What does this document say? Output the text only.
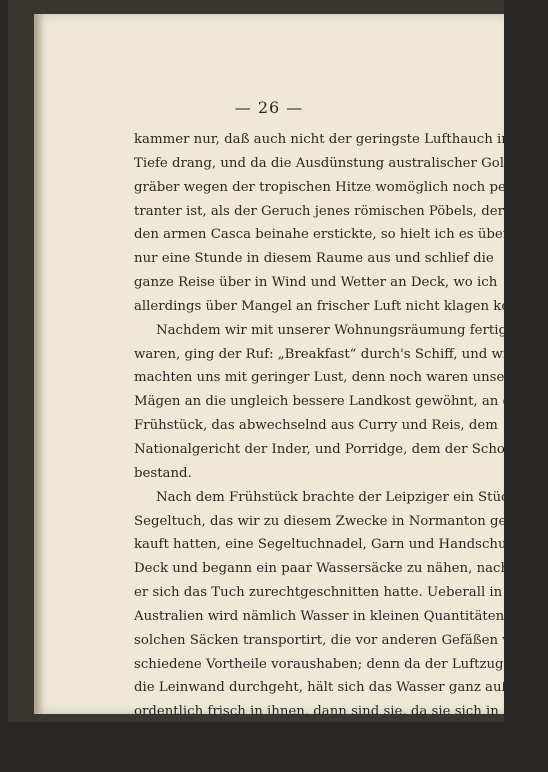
— 26 —
kammer nur, daß auch nicht der geringste Lufthauch in ihre
Tiefe drang, und da die Ausdünstung australischer Gold-
gräber wegen der tropischen Hitze womöglich noch pene-
tranter ist, als der Geruch jenes römischen Pöbels, der
den armen Casca beinahe erstickte, so hielt ich es überhaupt
nur eine Stunde in diesem Raume aus und schlief die
ganze Reise über in Wind und Wetter an Deck, wo ich
allerdings über Mangel an frischer Luft nicht klagen konnte.
Nachdem wir mit unserer Wohnungsräumung fertig
waren, ging der Ruf: „Breakfast“ durch's Schiff, und wir
machten uns mit geringer Lust, denn noch waren unsere
Mägen an die ungleich bessere Landkost gewöhnt, an das
Frühstück, das abwechselnd aus Curry und Reis, dem
Nationalgericht der Inder, und Porridge, dem der Schotten,
bestand.
Nach dem Frühstück brachte der Leipziger ein Stück
Segeltuch, das wir zu diesem Zwecke in Normanton ge-
kauft hatten, eine Segeltuchnadel, Garn und Handschuh an
Deck und begann ein paar Wassersäcke zu nähen, nachdem
er sich das Tuch zurechtgeschnitten hatte. Ueberall in
Australien wird nämlich Wasser in kleinen Quantitäten in
solchen Säcken transportirt, die vor anderen Gefäßen ver-
schiedene Vortheile voraushaben; denn da der Luftzug durch
die Leinwand durchgeht, hält sich das Wasser ganz außer-
ordentlich frisch in ihnen, dann sind sie, da sie sich in
beliebige Gestalt drücken, und wenn leer, zusammenrollen
lassen, und auch wegen der Leichtigkeit ihres Materials viel
